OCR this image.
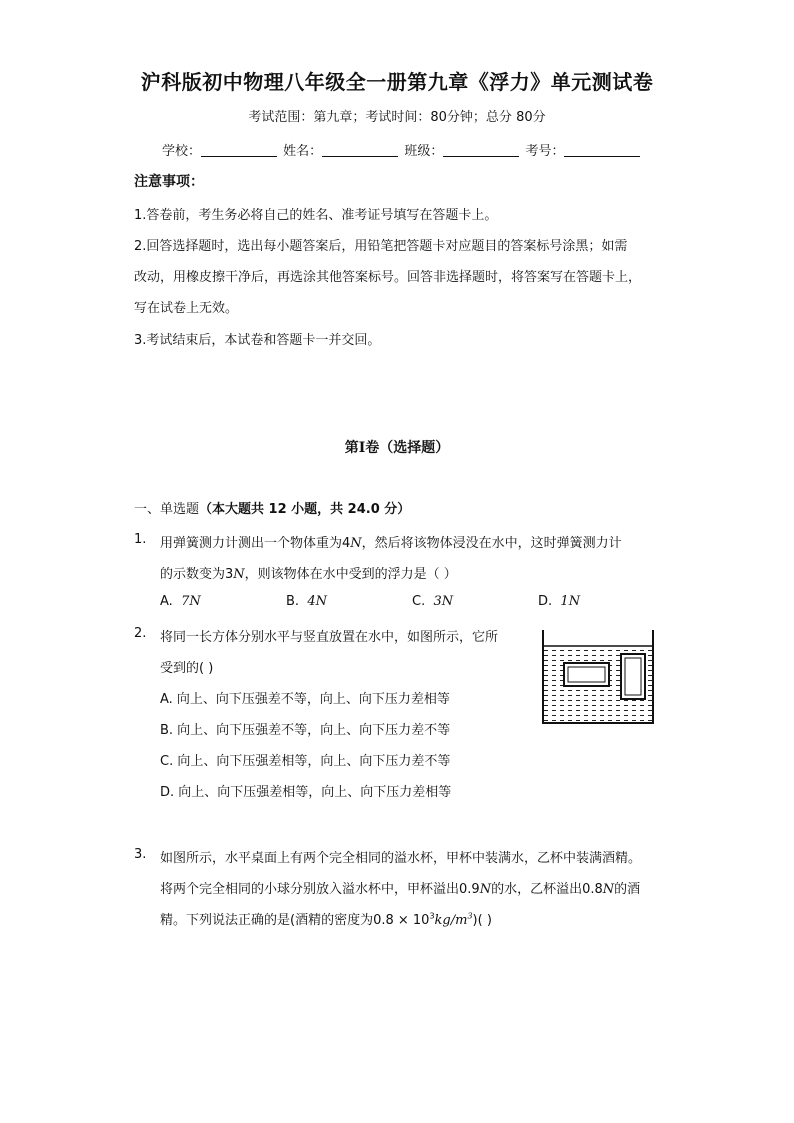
沪科版初中物理八年级全一册第九章《浮力》单元测试卷
考试范围：第九章；考试时间：80分钟；总分 80分
学校：	姓名：	班级：	考号：
注意事项：
1.答卷前，考生务必将自己的姓名、准考证号填写在答题卡上。
2.回答选择题时，选出每小题答案后，用铅笔把答题卡对应题目的答案标号涂黑；如需
改动，用橡皮擦干净后，再选涂其他答案标号。回答非选择题时，将答案写在答题卡上，
写在试卷上无效。
3.考试结束后，本试卷和答题卡一并交回。
第Ⅰ卷（选择题）
一、单选题（本大题共 12 小题，共 24.0 分）
1. 用弹簧测力计测出一个物体重为4N，然后将该物体浸没在水中，这时弹簧测力计
的示数变为3N，则该物体在水中受到的浮力是（ ）
A. 7N	B. 4N	C. 3N	D. 1N
2. 将同一长方体分别水平与竖直放置在水中，如图所示，它所
受到的( )
A. 向上、向下压强差不等，向上、向下压力差相等
B. 向上、向下压强差不等，向上、向下压力差不等
C. 向上、向下压强差相等，向上、向下压力差不等
D. 向上、向下压强差相等，向上、向下压力差相等
3. 如图所示，水平桌面上有两个完全相同的溢水杯，甲杯中装满水，乙杯中装满酒精。
将两个完全相同的小球分别放入溢水杯中，甲杯溢出0.9N的水，乙杯溢出0.8N的酒
精。下列说法正确的是(酒精的密度为$0.8 \times 10^3kg/m^3$)( )
